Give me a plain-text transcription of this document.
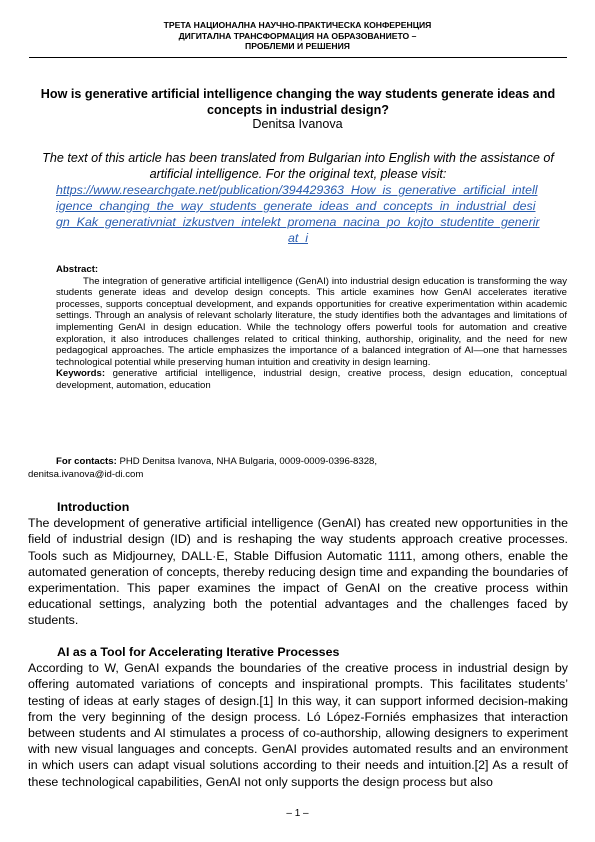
ТРЕТА НАЦИОНАЛНА НАУЧНО-ПРАКТИЧЕСКА КОНФЕРЕНЦИЯ
ДИГИТАЛНА ТРАНСФОРМАЦИЯ НА ОБРАЗОВАНИЕТО –
ПРОБЛЕМИ И РЕШЕНИЯ
How is generative artificial intelligence changing the way students generate ideas and concepts in industrial design?
Denitsa Ivanova
The text of this article has been translated from Bulgarian into English with the assistance of artificial intelligence. For the original text, please visit:
https://www.researchgate.net/publication/394429363_How_is_generative_artificial_intelligence_changing_the_way_students_generate_ideas_and_concepts_in_industrial_design_Kak_generativniat_izkustven_intelekt_promena_nacina_po_kojto_studentite_generirat_i
Abstract:

The integration of generative artificial intelligence (GenAI) into industrial design education is transforming the way students generate ideas and develop design concepts. This article examines how GenAI accelerates iterative processes, supports conceptual development, and expands opportunities for creative experimentation within academic settings. Through an analysis of relevant scholarly literature, the study identifies both the advantages and limitations of implementing GenAI in design education. While the technology offers powerful tools for automation and creative exploration, it also introduces challenges related to critical thinking, authorship, originality, and the need for new pedagogical approaches. The article emphasizes the importance of a balanced integration of AI—one that harnesses technological potential while preserving human intuition and creativity in design learning.

Keywords: generative artificial intelligence, industrial design, creative process, design education, conceptual development, automation, education

For contacts: PHD Denitsa Ivanova, NHA Bulgaria, 0009-0009-0396-8328,
denitsa.ivanova@id-di.com
Introduction

The development of generative artificial intelligence (GenAI) has created new opportunities in the field of industrial design (ID) and is reshaping the way students approach creative processes. Tools such as Midjourney, DALL·E, Stable Diffusion Automatic 1111, among others, enable the automated generation of concepts, thereby reducing design time and expanding the boundaries of experimentation. This paper examines the impact of GenAI on the creative process within educational settings, analyzing both the potential advantages and the challenges faced by students.

AI as a Tool for Accelerating Iterative Processes

According to W, GenAI expands the boundaries of the creative process in industrial design by offering automated variations of concepts and inspirational prompts. This facilitates students’ testing of ideas at early stages of design.[1] In this way, it can support informed decision-making from the very beginning of the design process. Ló López-Forniés emphasizes that interaction between students and AI stimulates a process of co-authorship, allowing designers to experiment with new visual languages and concepts. GenAI provides automated results and an environment in which users can adapt visual solutions according to their needs and intuition.[2] As a result of these technological capabilities, GenAI not only supports the design process but also

– 1 –
